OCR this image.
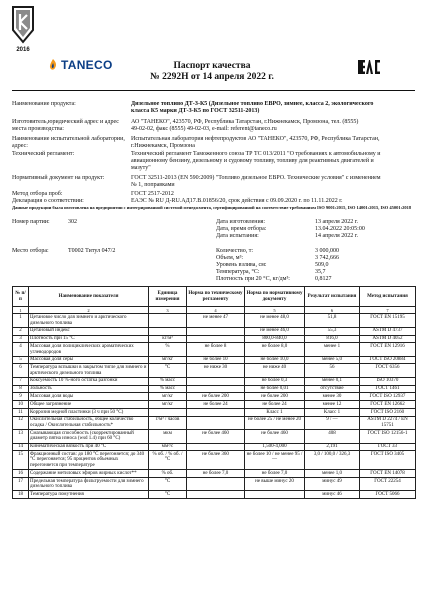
2016
TANECO	Паспорт качества
№ 2292Н от 14 апреля 2022 г.
Наименование продукта:	Дизельное топливо ДТ-З-К5 (Дизельное топливо ЕВРО, зимнее, класса 2, экологического
класса К5 марки ДТ-З-К5 по ГОСТ 32511-2013)
Изготовитель,юридический адрес и адрес места производства:
АО "ТАНЕКО", 423570, РФ, Республика Татарстан, г.Нижнекамск, Промзона, тел. (8555)
49-02-02, факс (8555) 49-02-03, e-mail: referent@taneco.ru
Наименование испытательной лаборатории, адрес:
Испытательная лаборатория нефтепродуктов АО "ТАНЕКО", 423570, РФ, Республика Татарстан,
г.Нижнекамск, Промзона
Технический регламент:	Технический регламент Таможенного союза ТР ТС 013/2011 "О требованиях к автомобильному и
авиационному бензину, дизельному и судовому топливу, топливу для реактивных двигателей и
мазуту"
Нормативный документ на продукт:	ГОСТ 32511-2013 (EN 590:2009) "Топливо дизельное ЕВРО. Технические условия" с изменением
№ 1, поправками
Метод отбора проб:	ГОСТ 2517-2012
Декларация о соответствии:	ЕАЭС № RU Д-RU.АД17.В.01856/20, срок действия с 09.09.2020 г. по 11.11.2022 г.
Данные продукции была изготовлена на предприятии с интегрированной системой менеджмента, сертифицированной на соответствие требованиям ISO 9001:2015, ISO 14001:2015, ISO 45001:2018
Номер партии:	302
Место отбора:	Т0002 Титул 047/2
Дата изготовления:	13 апреля 2022 г.
Дата, время отбора:	13.04.2022 20:05:00
Дата испытания:	14 апреля 2022 г.
Количество, т:	3 000,000
Объем, м³:	3 742,666
Уровень взлива, см:	509,0
Температура, °С:	35,7
Плотность при 20 °С, кг/дм³:	0,8127
№ п/п	Наименование показателя	Единица измерения	Норма по техническому регламенту	Норма по нормативному документу	Результат испытания	Метод испытания
1	2	3	4	5	6	7
1	Цетановое число для зимнего и арктического дизельного топлива		не менее 47	не менее 48,0	51,8	ГОСТ EN 15195
2	Цетановый индекс			не менее 46,0	55,3	ASTM D 4737
3	Плотность при 15 °С	кг/м³		800,0-840,0	816,0	ASTM D 4052
4	Массовая доля полициклических ароматических углеводородов	%	не более 8	не более 8,0	менее 1	ГОСТ EN 12916
5	Массовая доля серы	мг/кг	не более 10	не более 10,0	менее 5,0	ГОСТ ISO 20884
6	Температура вспышки в закрытом тигле для зимнего и арктического дизельного топлива	°С	не ниже 30	не ниже 40	56	ГОСТ 6356
7	Коксуемость 10 %-ного остатка разгонки	% масс		не более 0,3	менее 0,1	ISO 10370
8	Зольность	% масс		не более 0,01	отсутствие	ГОСТ 1461
9	Массовая доля воды	мг/кг	не более 200	не более 200	менее 30	ГОСТ ISO 12937
10	Общее загрязнение	мг/кг	не более 24	не более 24	менее 12	ГОСТ EN 12662
11	Коррозия медной пластинки (3 ч при 50 °С)			Класс 1	Класс 1	ГОСТ ISO 2160
12	Окислительная стабильность, общее количество осадка / Окислительная стабильность*	г/м³ / часов		не более 25 / не менее 20	9 / —	ASTM D 2274 / EN 15751
13	Смазывающая способность (скорректированный диаметр пятна износа (wsd 1.4) при 60 °С)	мкм	не более 460	не более 460	408	ГОСТ ISO 12156-1
14	Кинематическая вязкость при 40 °С	мм²/с		1,500-4,000	2,191	ГОСТ 33
15	Фракционный состав: до 180 °С перегоняется; до 340 °С перегоняется; 95 процентов объемных перегоняется при температуре	% об. / % об. / °С	не более 360	не более 10 / не менее 95 / —	3,0 / 100,0 / 326,3	ГОСТ ISO 3405
16	Содержание метиловых эфиров жирных кислот**	% об.	не более 7,0	не более 7,0	менее 1,0	ГОСТ EN 14078
17	Предельная температура фильтруемости для зимнего дизельного топлива	°С		не выше минус 20	минус 49	ГОСТ 22254
18	Температура помутнения	°С			минус 46	ГОСТ 5066
